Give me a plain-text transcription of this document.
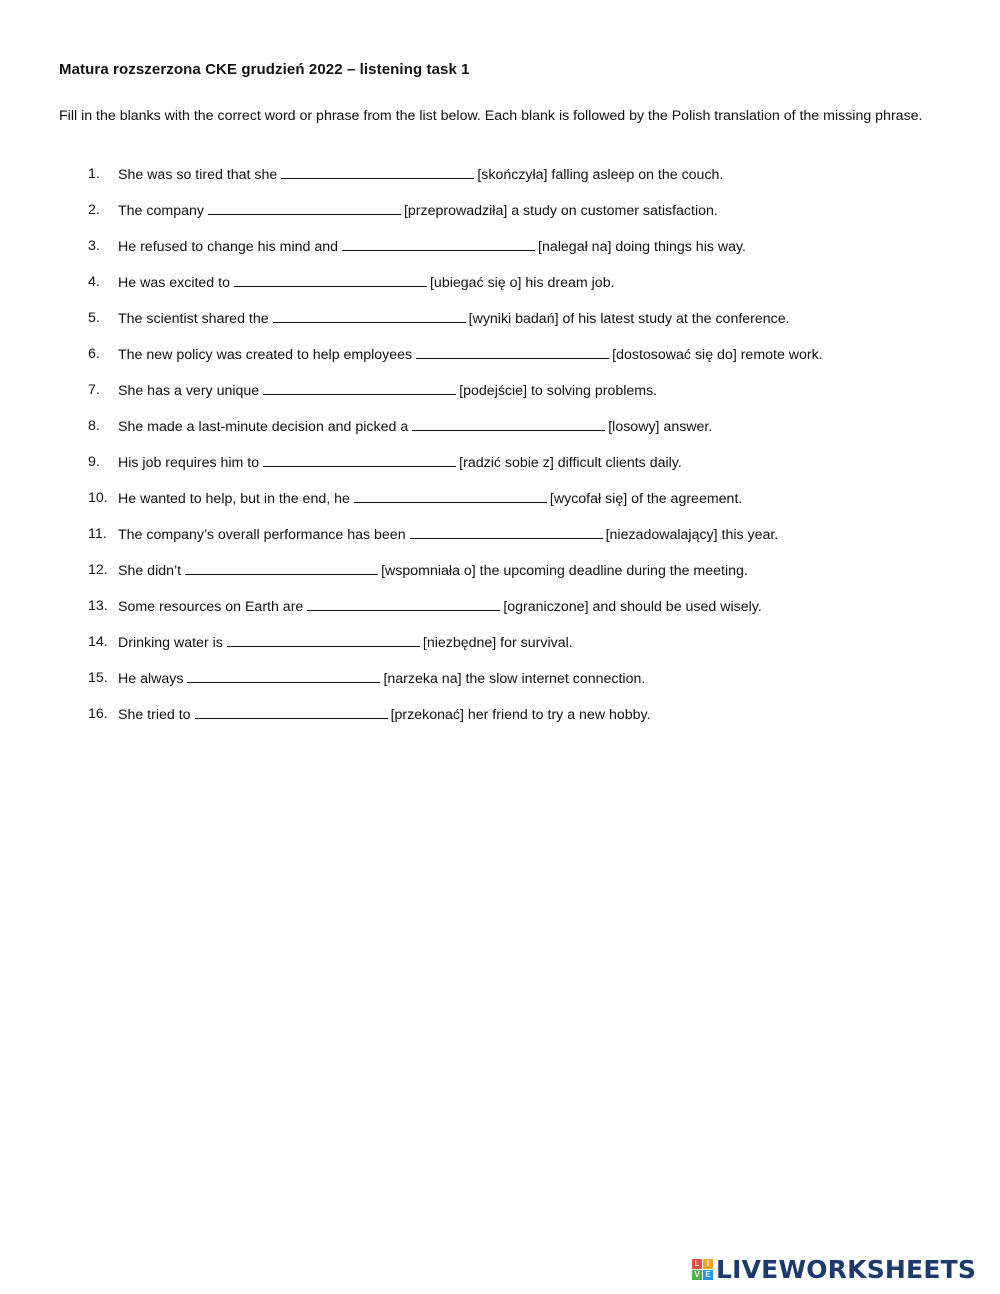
Matura rozszerzona CKE grudzień 2022 – listening task 1
Fill in the blanks with the correct word or phrase from the list below. Each blank is followed by the Polish translation of the missing phrase.
1.	She was so tired that she	[skończyła] falling asleep on the couch.
2.	The company	[przeprowadziła] a study on customer satisfaction.
3.	He refused to change his mind and	[nalegał na] doing things his way.
4.	He was excited to	[ubiegać się o] his dream job.
5.	The scientist shared the	[wyniki badań] of his latest study at the conference.
6.	The new policy was created to help employees	[dostosować się do] remote work.
7.	She has a very unique	[podejście] to solving problems.
8.	She made a last-minute decision and picked a	[losowy] answer.
9.	His job requires him to	[radzić sobie z] difficult clients daily.
10. He wanted to help, but in the end, he	[wycofał się] of the agreement.
11. The company’s overall performance has been	[niezadowalający] this year.
12. She didn’t	[wspomniała o] the upcoming deadline during the meeting.
13. Some resources on Earth are	[ograniczone] and should be used wisely.
14. Drinking water is	[niezbędne] for survival.
15. He always	[narzeka na] the slow internet connection.
16. She tried to	[przekonać] her friend to try a new hobby.
L I
V E LIVEWORKSHEETS
